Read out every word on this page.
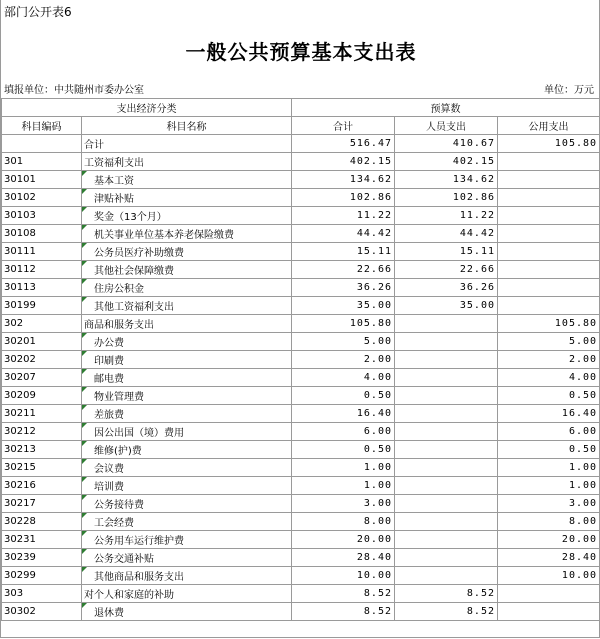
部门公开表6
一般公共预算基本支出表
填报单位：中共随州市委办公室	单位：万元
支出经济分类		预算数		
科目编码	科目名称	合计	人员支出	公用支出
	合计	516.47	410.67	105.80
301	工资福利支出	402.15	402.15	
30101	基本工资	134.62	134.62	
30102	津贴补贴	102.86	102.86	
30103	奖金（13个月）	11.22	11.22	
30108	机关事业单位基本养老保险缴费	44.42	44.42	
30111	公务员医疗补助缴费	15.11	15.11	
30112	其他社会保障缴费	22.66	22.66	
30113	住房公积金	36.26	36.26	
30199	其他工资福利支出	35.00	35.00	
302	商品和服务支出	105.80		105.80
30201	办公费	5.00		5.00
30202	印刷费	2.00		2.00
30207	邮电费	4.00		4.00
30209	物业管理费	0.50		0.50
30211	差旅费	16.40		16.40
30212	因公出国（境）费用	6.00		6.00
30213	维修(护)费	0.50		0.50
30215	会议费	1.00		1.00
30216	培训费	1.00		1.00
30217	公务接待费	3.00		3.00
30228	工会经费	8.00		8.00
30231	公务用车运行维护费	20.00		20.00
30239	公务交通补贴	28.40		28.40
30299	其他商品和服务支出	10.00		10.00
303	对个人和家庭的补助	8.52	8.52	
30302	退休费	8.52	8.52	
